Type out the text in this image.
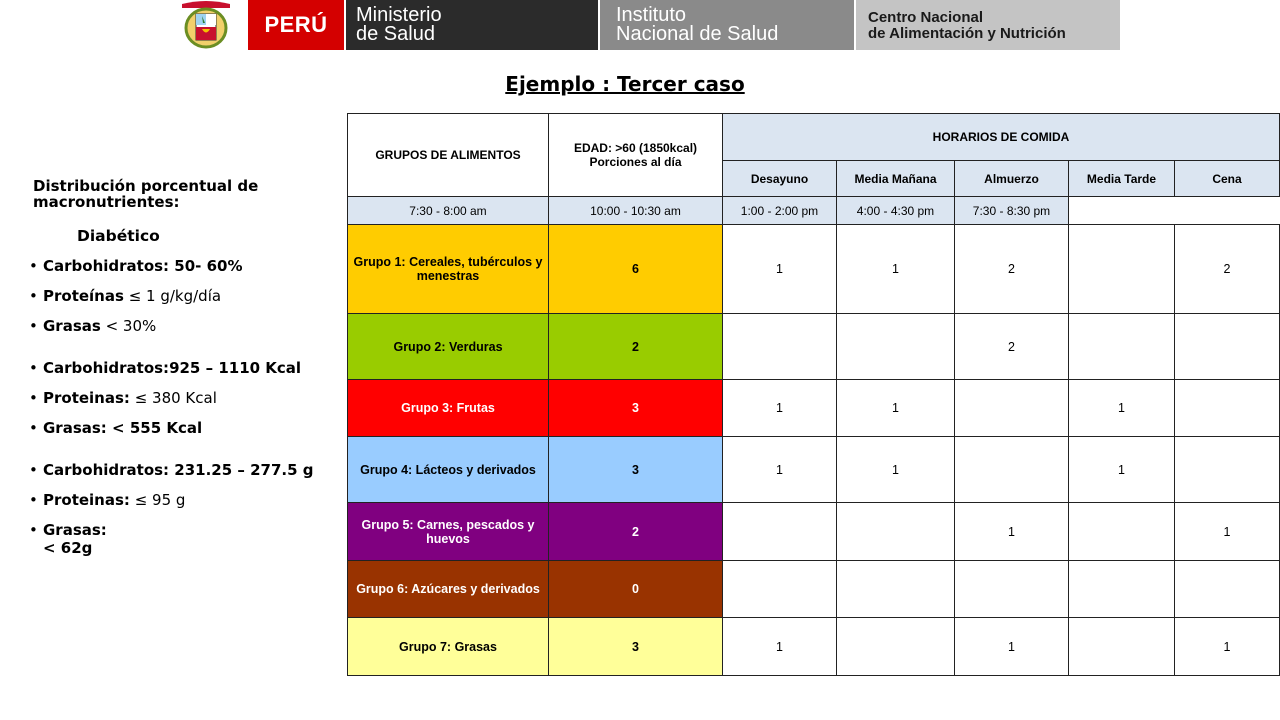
PERÚ Ministerio
de Salud
Instituto
Nacional de Salud
Centro Nacional
de Alimentación y Nutrición
Ejemplo : Tercer caso
Distribución porcentual de macronutrientes:
Diabético
• Carbohidratos: 50- 60%
• Proteínas ≤ 1 g/kg/día
• Grasas < 30%
• Carbohidratos:925 – 1110 Kcal
• Proteinas: ≤ 380 Kcal
• Grasas: < 555 Kcal
• Carbohidratos: 231.25 – 277.5 g
• Proteinas: ≤ 95 g
• Grasas: < 62g
GRUPOS DE ALIMENTOS	EDAD: >60 (1850kcal) Porciones al día	HORARIOS DE COMIDA				
		Desayuno	Media Mañana	Almuerzo	Media Tarde	Cena
7:30 - 8:00 am	10:00 - 10:30 am	1:00 - 2:00 pm	4:00 - 4:30 pm	7:30 - 8:30 pm		
Grupo 1: Cereales, tubérculos y menestras	6	1	1	2		2
Grupo 2: Verduras	2			2		
Grupo 3: Frutas	3	1	1		1	
Grupo 4: Lácteos y derivados	3	1	1		1	
Grupo 5: Carnes, pescados y huevos	2			1		1
Grupo 6: Azúcares y derivados	0					
Grupo 7: Grasas	3	1		1		1
